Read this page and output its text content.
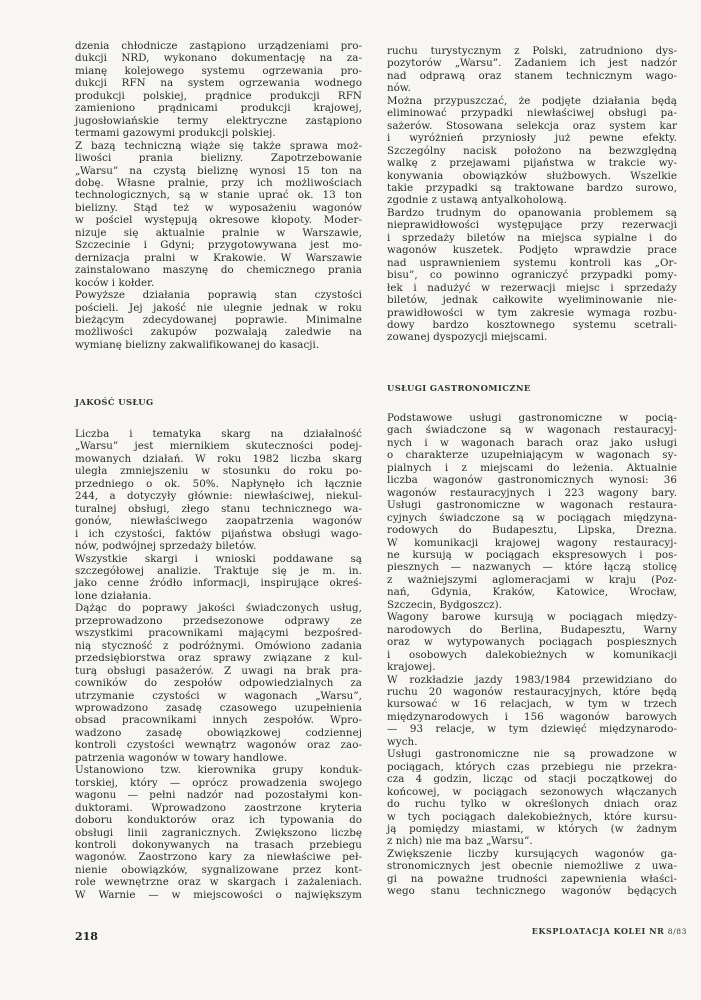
dzenia chłodnicze zastąpiono urządzeniami pro-
dukcji NRD, wykonano dokumentację na za-
mianę kolejowego systemu ogrzewania pro-
dukcji RFN na system ogrzewania wodnego
produkcji polskiej, prądnice produkcji RFN
zamieniono prądnicami produkcji krajowej,
jugosłowiańskie termy elektryczne zastąpiono
termami gazowymi produkcji polskiej.

Z bazą techniczną wiąże się także sprawa moż-
liwości prania bielizny. Zapotrzebowanie
„Warsu” na czystą bieliznę wynosi 15 ton na
dobę. Własne pralnie, przy ich możliwościach
technologicznych, są w stanie uprać ok. 13 ton
bielizny. Stąd też w wyposażeniu wagonów
w pościel występują okresowe kłopoty. Moder-
nizuje się aktualnie pralnie w Warszawie,
Szczecinie i Gdyni; przygotowywana jest mo-
dernizacja pralni w Krakowie. W Warszawie
zainstalowano maszynę do chemicznego prania
koców i kołder.

Powyższe działania poprawią stan czystości
pościeli. Jej jakość nie ulegnie jednak w roku
bieżącym zdecydowanej poprawie. Minimalne
możliwości zakupów pozwalają zaledwie na
wymianę bielizny zakwalifikowanej do kasacji.

JAKOŚĆ USŁUG

Liczba i tematyka skarg na działalność
„Warsu” jest miernikiem skuteczności podej-
mowanych działań. W roku 1982 liczba skarg
uległa zmniejszeniu w stosunku do roku po-
przedniego o ok. 50%. Napłynęło ich łącznie
244, a dotyczyły głównie: niewłaściwej, niekul-
turalnej obsługi, złego stanu technicznego wa-
gonów, niewłaściwego zaopatrzenia wagonów
i ich czystości, faktów pijaństwa obsługi wago-
nów, podwójnej sprzedaży biletów.

Wszystkie skargi i wnioski poddawane są
szczegółowej analizie. Traktuje się je m. in.
jako cenne źródło informacji, inspirujące okreś-
lone działania.

Dążąc do poprawy jakości świadczonych usług,
przeprowadzono przedsezonowe odprawy ze
wszystkimi pracownikami mającymi bezpośred-
nią styczność z podróżnymi. Omówiono zadania
przedsiębiorstwa oraz sprawy związane z kul-
turą obsługi pasażerów. Z uwagi na brak pra-
cowników do zespołów odpowiedzialnych za
utrzymanie czystości w wagonach „Warsu”,
wprowadzono zasadę czasowego uzupełnienia
obsad pracownikami innych zespołów. Wpro-
wadzono zasadę obowiązkowej codziennej
kontroli czystości wewnątrz wagonów oraz zao-
patrzenia wagonów w towary handlowe.

Ustanowiono tzw. kierownika grupy konduk-
torskiej, który — oprócz prowadzenia swojego
wagonu — pełni nadzór nad pozostałymi kon-
duktorami. Wprowadzono zaostrzone kryteria
doboru konduktorów oraz ich typowania do
obsługi linii zagranicznych. Zwiększono liczbę
kontroli dokonywanych na trasach przebiegu
wagonów. Zaostrzono kary za niewłaściwe peł-
nienie obowiązków, sygnalizowane przez kont-
role wewnętrzne oraz w skargach i zażaleniach.
W Warnie — w miejscowości o największym

ruchu turystycznym z Polski, zatrudniono dys-
pozytorów „Warsu”. Zadaniem ich jest nadzór
nad odprawą oraz stanem technicznym wago-
nów.

Można przypuszczać, że podjęte działania będą
eliminować przypadki niewłaściwej obsługi pa-
sażerów. Stosowana selekcja oraz system kar
i wyróżnień przyniosły już pewne efekty.
Szczególny nacisk położono na bezwzględną
walkę z przejawami pijaństwa w trakcie wy-
konywania obowiązków służbowych. Wszelkie
takie przypadki są traktowane bardzo surowo,
zgodnie z ustawą antyalkoholową.

Bardzo trudnym do opanowania problemem są
nieprawidłowości występujące przy rezerwacji
i sprzedaży biletów na miejsca sypialne i do
wagonów kuszetek. Podjęto wprawdzie prace
nad usprawnieniem systemu kontroli kas „Or-
bisu”, co powinno ograniczyć przypadki pomy-
łek i nadużyć w rezerwacji miejsc i sprzedaży
biletów, jednak całkowite wyeliminowanie nie-
prawidłowości w tym zakresie wymaga rozbu-
dowy bardzo kosztownego systemu scetrali-
zowanej dyspozycji miejscami.

USŁUGI GASTRONOMICZNE

Podstawowe usługi gastronomiczne w pocią-
gach świadczone są w wagonach restauracyj-
nych i w wagonach barach oraz jako usługi
o charakterze uzupełniającym w wagonach sy-
pialnych i z miejscami do leżenia. Aktualnie
liczba wagonów gastronomicznych wynosi: 36
wagonów restauracyjnych i 223 wagony bary.
Usługi gastronomiczne w wagonach restaura-
cyjnych świadczone są w pociągach międzyna-
rodowych do Budapesztu, Lipska, Drezna.
W komunikacji krajowej wagony restauracyj-
ne kursują w pociągach ekspresowych i pos-
piesznych — nazwanych — które łączą stolicę
z ważniejszymi aglomeracjami w kraju (Poz-
nań, Gdynia, Kraków, Katowice, Wrocław,
Szczecin, Bydgoszcz).

Wagony barowe kursują w pociągach między-
narodowych do Berlina, Budapesztu, Warny
oraz w wytypowanych pociągach pospiesznych
i osobowych dalekobieżnych w komunikacji
krajowej.

W rozkładzie jazdy 1983/1984 przewidziano do
ruchu 20 wagonów restauracyjnych, które będą
kursować w 16 relacjach, w tym w trzech
międzynarodowych i 156 wagonów barowych
— 93 relacje, w tym dziewięć międzynarodo-
wych.

Usługi gastronomiczne nie są prowadzone w
pociągach, których czas przebiegu nie przekra-
cza 4 godzin, licząc od stacji początkowej do
końcowej, w pociągach sezonowych włączanych
do ruchu tylko w określonych dniach oraz
w tych pociągach dalekobieżnych, które kursu-
ją pomiędzy miastami, w których (w żadnym
z nich) nie ma baz „Warsu”.

Zwiększenie liczby kursujących wagonów ga-
stronomicznych jest obecnie niemożliwe z uwa-
gi na poważne trudności zapewnienia właści-
wego stanu technicznego wagonów będących

218	EKSPLOATACJA KOLEI NR 8/83
